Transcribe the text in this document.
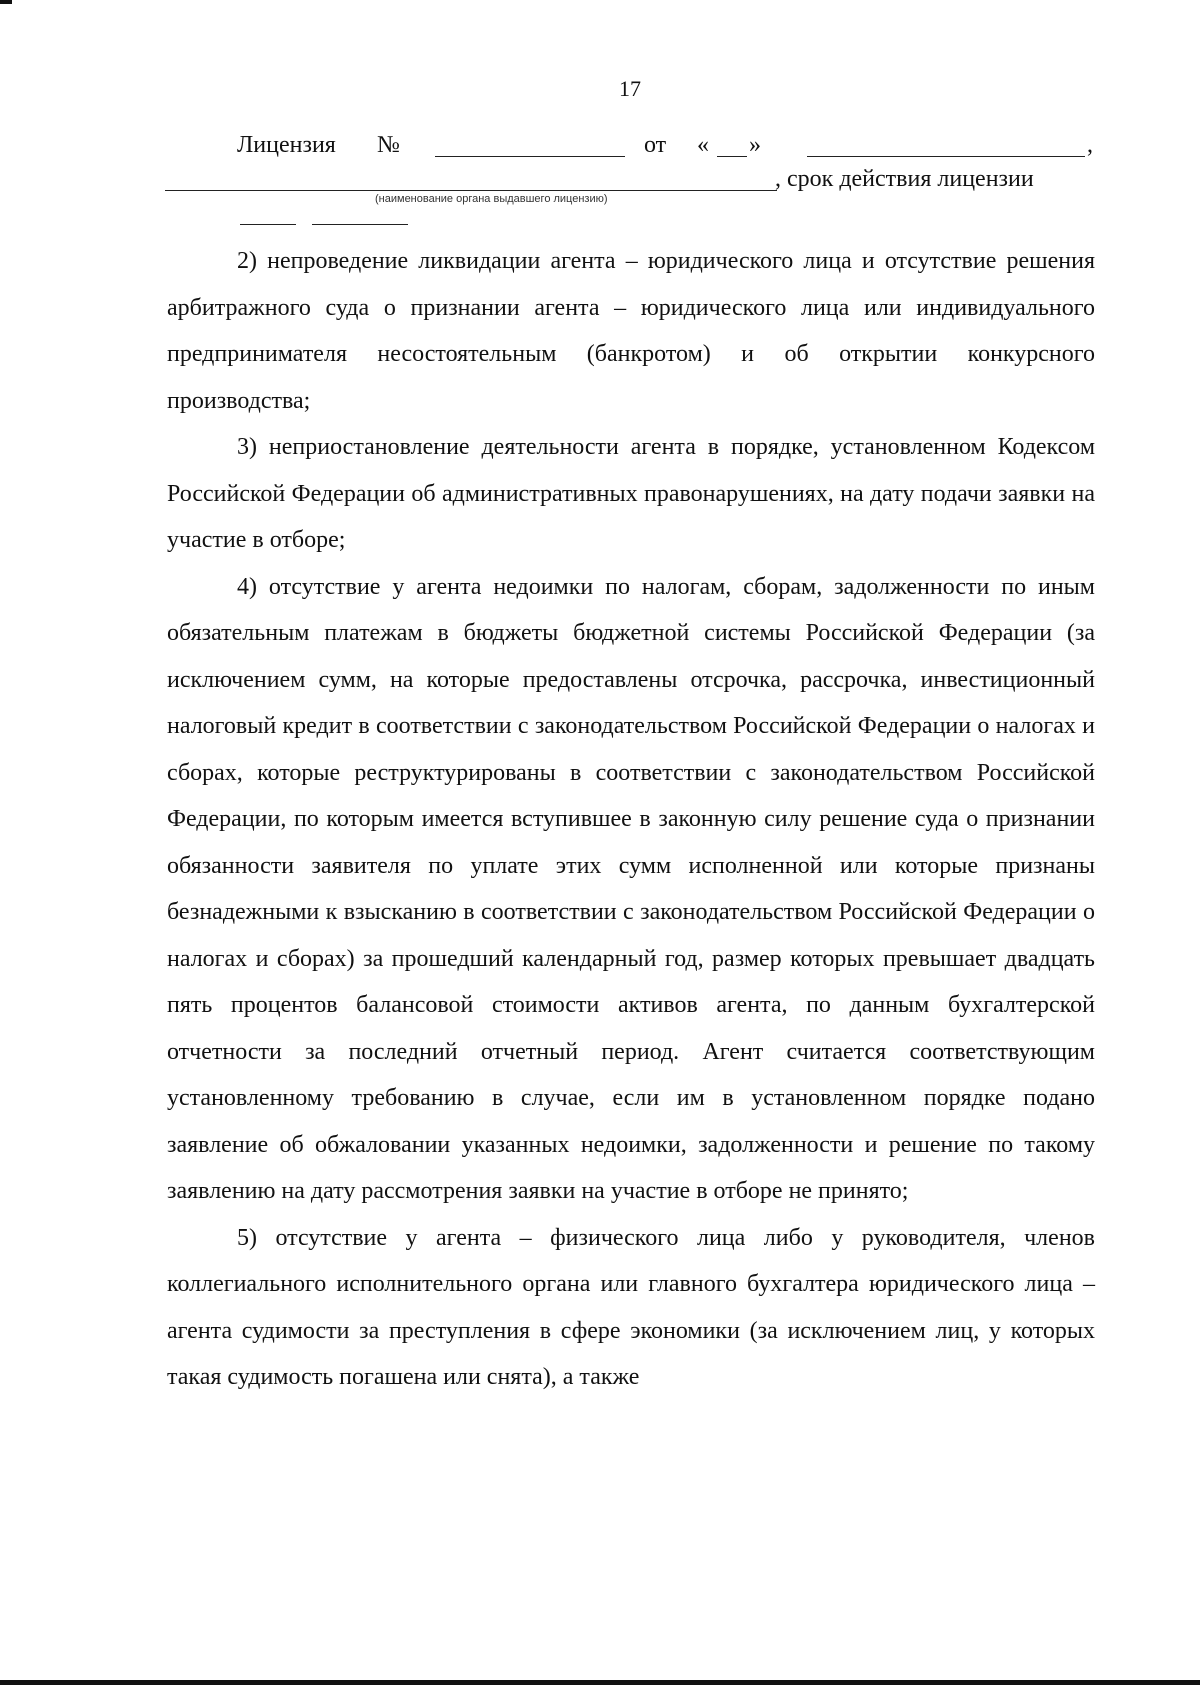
17
Лицензия №	от « »	,
, срок действия лицензии
(наименование органа выдавшего лицензию)

2) непроведение ликвидации агента – юридического лица и отсутствие решения арбитражного суда о признании агента – юридического лица или индивидуального предпринимателя несостоятельным (банкротом) и об открытии конкурсного производства;

3) неприостановление деятельности агента в порядке, установленном Кодексом Российской Федерации об административных правонарушениях, на дату подачи заявки на участие в отборе;

4) отсутствие у агента недоимки по налогам, сборам, задолженности по иным обязательным платежам в бюджеты бюджетной системы Российской Федерации (за исключением сумм, на которые предоставлены отсрочка, рассрочка, инвестиционный налоговый кредит в соответствии с законодательством Российской Федерации о налогах и сборах, которые реструктурированы в соответствии с законодательством Российской Федерации, по которым имеется вступившее в законную силу решение суда о признании обязанности заявителя по уплате этих сумм исполненной или которые признаны безнадежными к взысканию в соответствии с законодательством Российской Федерации о налогах и сборах) за прошедший календарный год, размер которых превышает двадцать пять процентов балансовой стоимости активов агента, по данным бухгалтерской отчетности за последний отчетный период. Агент считается соответствующим установленному требованию в случае, если им в установленном порядке подано заявление об обжаловании указанных недоимки, задолженности и решение по такому заявлению на дату рассмотрения заявки на участие в отборе не принято;

5) отсутствие у агента – физического лица либо у руководителя, членов коллегиального исполнительного органа или главного бухгалтера юридического лица – агента судимости за преступления в сфере экономики (за исключением лиц, у которых такая судимость погашена или снята), а также
